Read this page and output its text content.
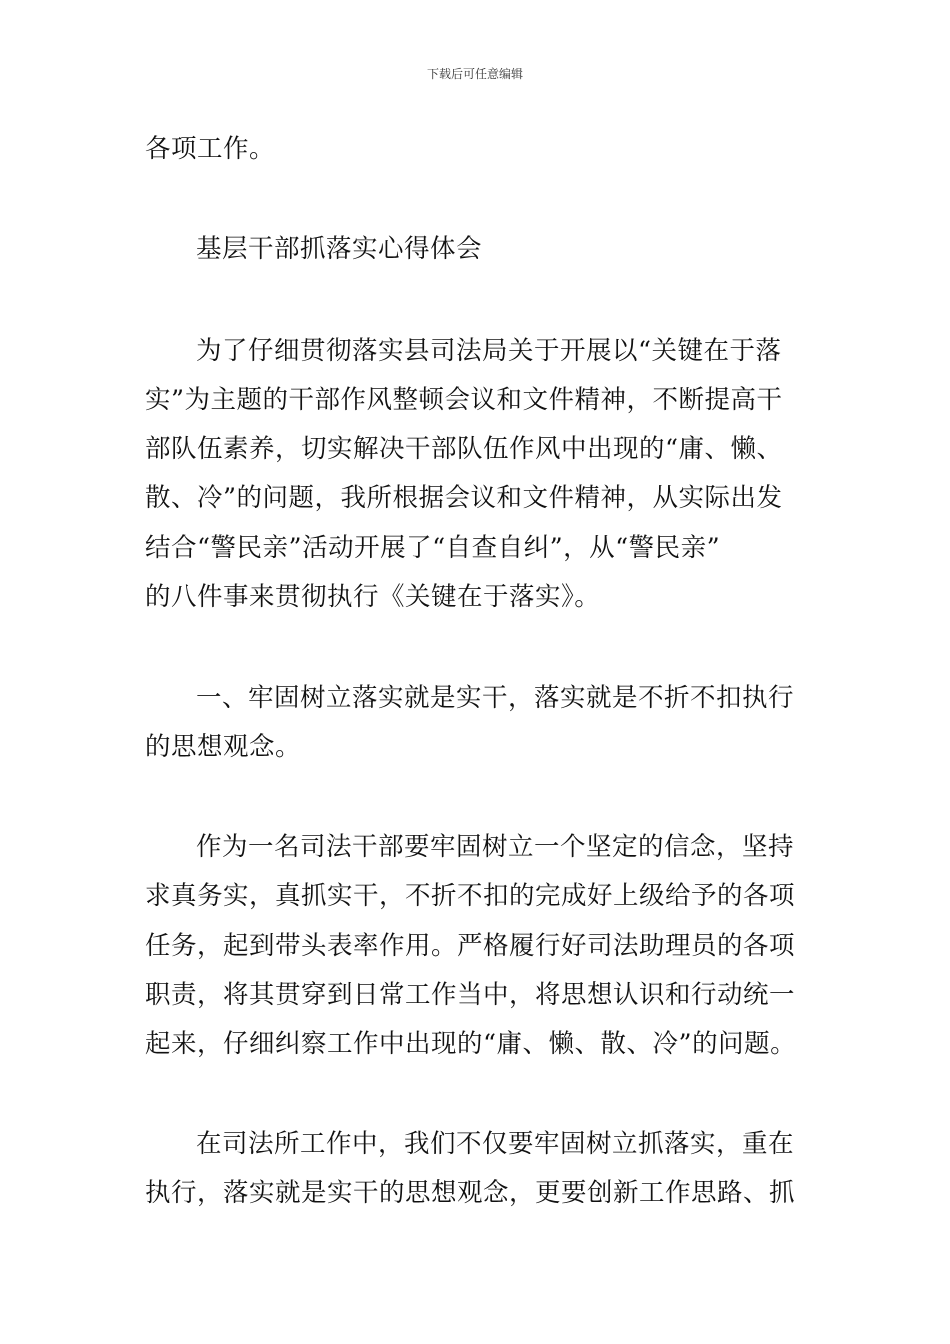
下载后可任意编辑
各项工作。
基层干部抓落实心得体会
为了仔细贯彻落实县司法局关于开展以“关键在于落
实”为主题的干部作风整顿会议和文件精神，不断提高干
部队伍素养，切实解决干部队伍作风中出现的“庸、懒、
散、冷”的问题，我所根据会议和文件精神，从实际出发
结合“警民亲”活动开展了“自查自纠”，从“警民亲”
的八件事来贯彻执行《关键在于落实》。
一、牢固树立落实就是实干，落实就是不折不扣执行
的思想观念。
作为一名司法干部要牢固树立一个坚定的信念，坚持
求真务实，真抓实干，不折不扣的完成好上级给予的各项
任务，起到带头表率作用。严格履行好司法助理员的各项
职责，将其贯穿到日常工作当中，将思想认识和行动统一
起来，仔细纠察工作中出现的“庸、懒、散、冷”的问题。
在司法所工作中，我们不仅要牢固树立抓落实，重在
执行，落实就是实干的思想观念，更要创新工作思路、抓
